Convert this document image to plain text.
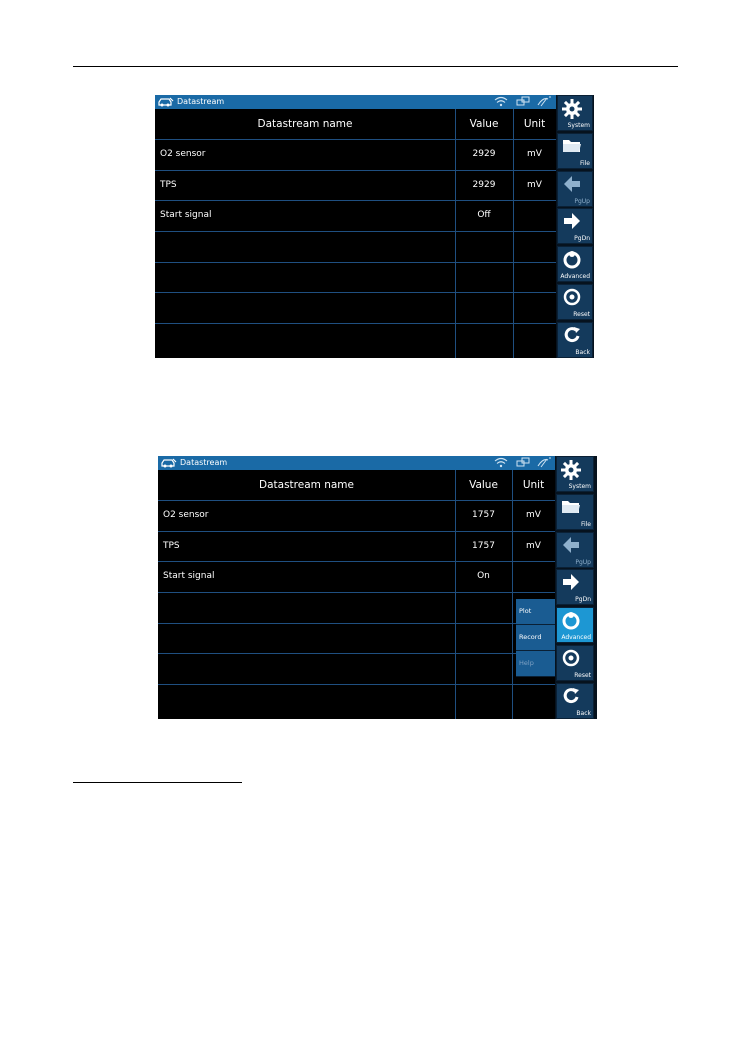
Datastream
Datastream name	Value	Unit
O2 sensor	2929	mV
TPS	2929	mV
Start signal	Off
System
File
PgUp
PgDn
Advanced
Reset
Back
Datastream
Datastream name	Value	Unit
O2 sensor	1757	mV
TPS	1757	mV
Start signal	On
Plot
Record
Help
System
File
PgUp
PgDn
Advanced
Reset
Back
